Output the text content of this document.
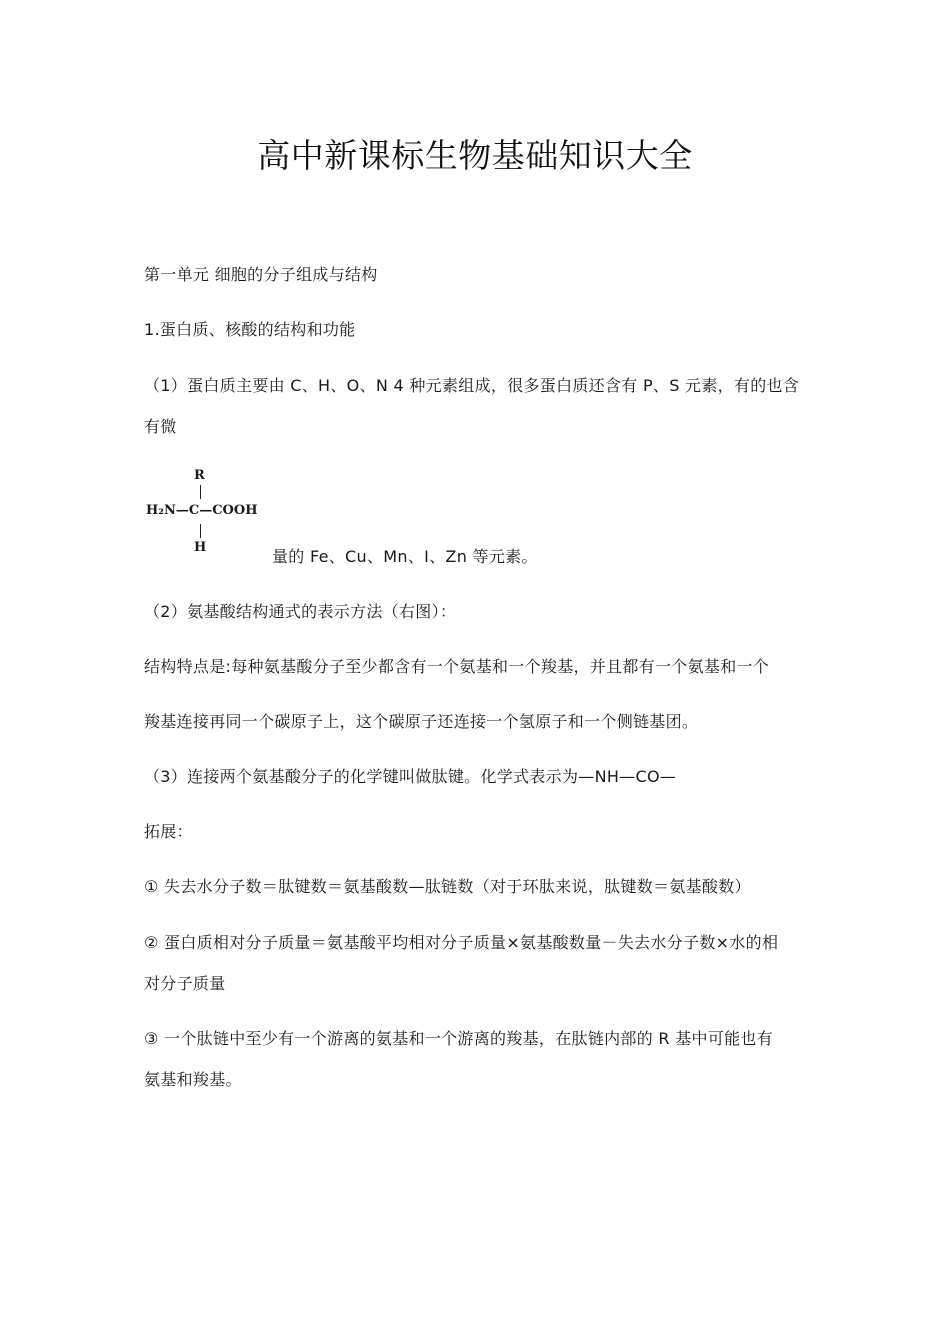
高中新课标生物基础知识大全
第一单元 细胞的分子组成与结构
1.蛋白质、核酸的结构和功能
（1）蛋白质主要由 C、H、O、N 4 种元素组成，很多蛋白质还含有 P、S 元素，有的也含
有微
R
H₂N—C—COOH
H	量的 Fe、Cu、Mn、I、Zn 等元素。
（2）氨基酸结构通式的表示方法（右图）：
结构特点是:每种氨基酸分子至少都含有一个氨基和一个羧基，并且都有一个氨基和一个
羧基连接再同一个碳原子上，这个碳原子还连接一个氢原子和一个侧链基团。
（3）连接两个氨基酸分子的化学键叫做肽键。化学式表示为—NH—CO—
拓展：
① 失去水分子数＝肽键数＝氨基酸数—肽链数（对于环肽来说，肽键数＝氨基酸数）
② 蛋白质相对分子质量＝氨基酸平均相对分子质量×氨基酸数量－失去水分子数×水的相
对分子质量
③ 一个肽链中至少有一个游离的氨基和一个游离的羧基，在肽链内部的 R 基中可能也有
氨基和羧基。
